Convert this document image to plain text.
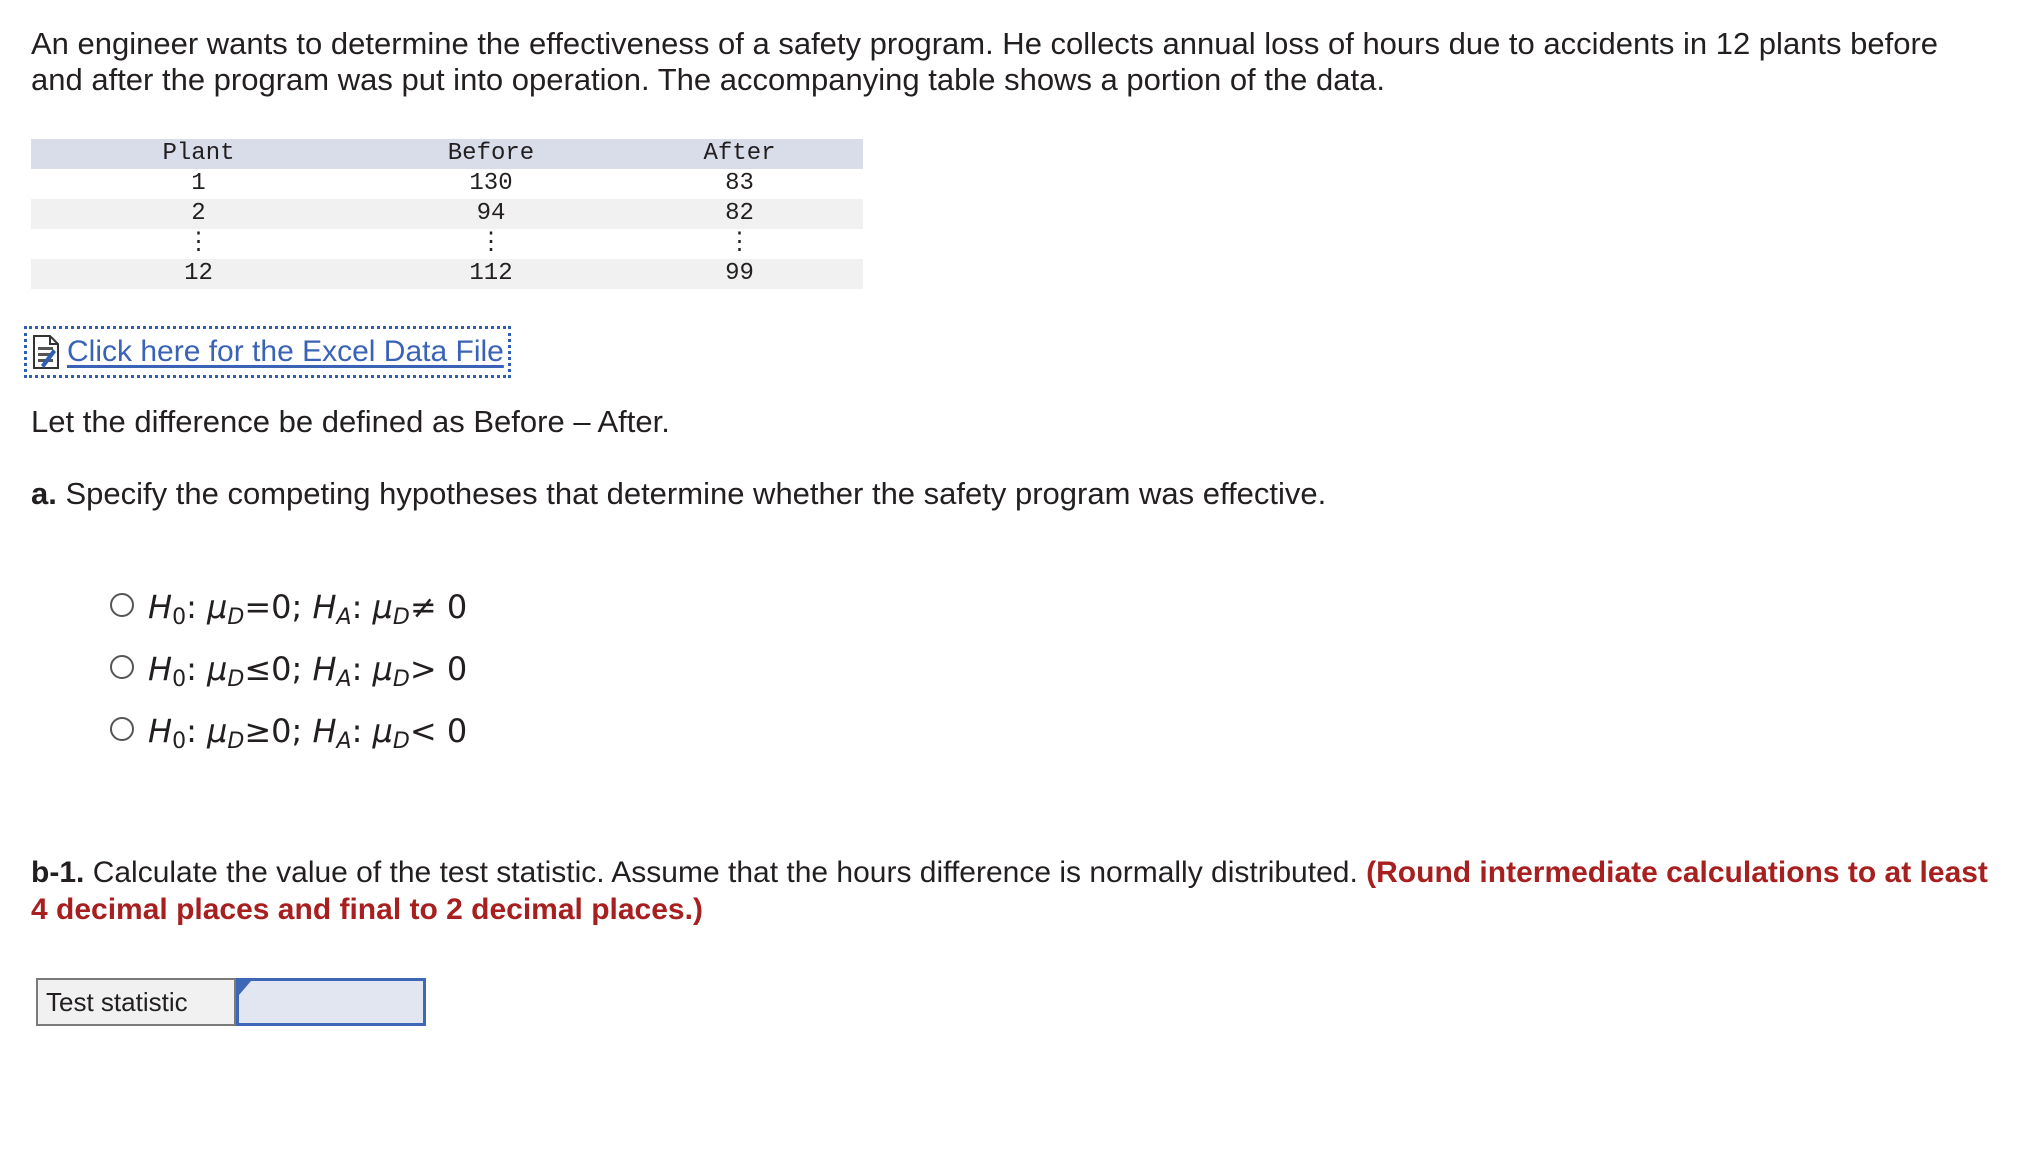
An engineer wants to determine the effectiveness of a safety program. He collects annual loss of hours due to accidents in 12 plants before and after the program was put into operation. The accompanying table shows a portion of the data.

Plant	Before	After
1	130	83
2	94	82
⋮	⋮	⋮
12	112	99
Click here for the Excel Data File

Let the difference be defined as Before – After.

a. Specify the competing hypotheses that determine whether the safety program was effective.

$H_0$: $\mu_D=0$; $H_A$: $\mu_D\ne 0$
$H_0$: $\mu_D\le 0$; $H_A$: $\mu_D> 0$
$H_0$: $\mu_D\ge 0$; $H_A$: $\mu_D< 0$

b-1. Calculate the value of the test statistic. Assume that the hours difference is normally distributed. (Round intermediate calculations to at least 4 decimal places and final to 2 decimal places.)

Test statistic
